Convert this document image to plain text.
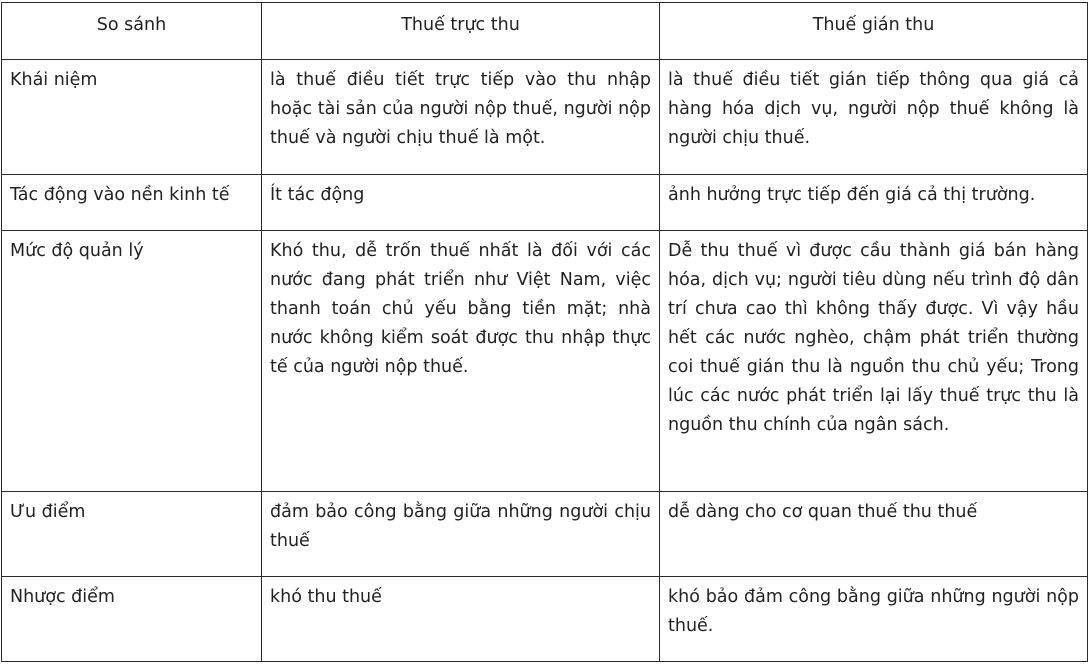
So sánh	Thuế trực thu	Thuế gián thu
Khái niệm	là thuế điều tiết trực tiếp vào thu nhập hoặc tài sản của người nộp thuế, người nộp thuế và người chịu thuế là một.	là thuế điều tiết gián tiếp thông qua giá cả hàng hóa dịch vụ, người nộp thuế không là người chịu thuế.
Tác động vào nền kinh tế	Ít tác động	ảnh hưởng trực tiếp đến giá cả thị trường.
Mức độ quản lý	Khó thu, dễ trốn thuế nhất là đối với các nước đang phát triển như Việt Nam, việc thanh toán chủ yếu bằng tiền mặt; nhà nước không kiểm soát được thu nhập thực tế của người nộp thuế.	Dễ thu thuế vì được cầu thành giá bán hàng hóa, dịch vụ; người tiêu dùng nếu trình độ dân trí chưa cao thì không thấy được. Vì vậy hầu hết các nước nghèo, chậm phát triển thường coi thuế gián thu là nguồn thu chủ yếu; Trong lúc các nước phát triển lại lấy thuế trực thu là nguồn thu chính của ngân sách.
Ưu điểm	đảm bảo công bằng giữa những người chịu thuế	dễ dàng cho cơ quan thuế thu thuế
Nhược điểm	khó thu thuế	khó bảo đảm công bằng giữa những người nộp thuế.
